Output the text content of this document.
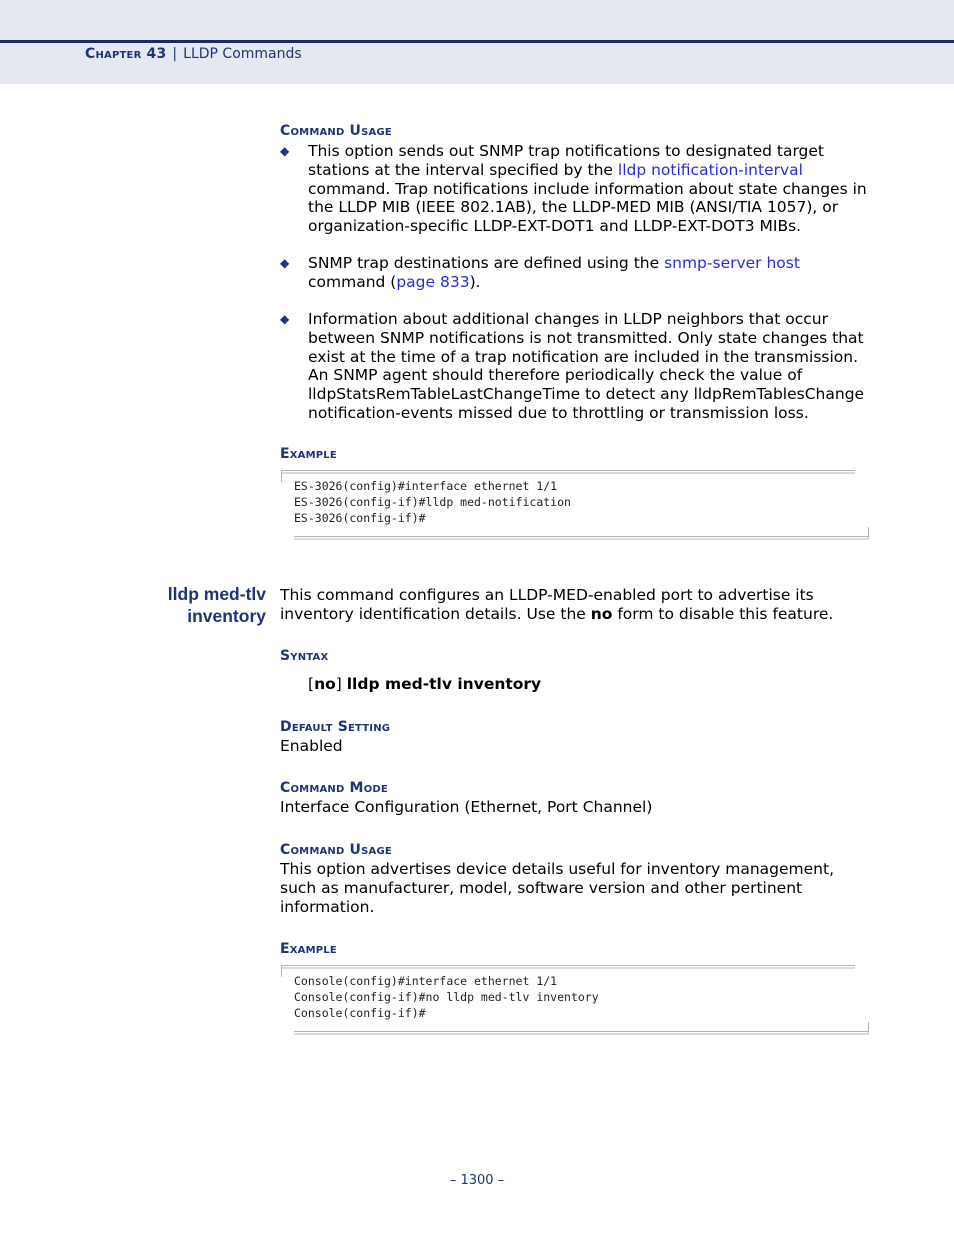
Chapter 43 | LLDP Commands
Command Usage
◆	This option sends out SNMP trap notifications to designated target stations at the interval specified by the lldp notification-interval command. Trap notifications include information about state changes in the LLDP MIB (IEEE 802.1AB), the LLDP-MED MIB (ANSI/TIA 1057), or organization-specific LLDP-EXT-DOT1 and LLDP-EXT-DOT3 MIBs.
◆	SNMP trap destinations are defined using the snmp-server host command (page 833).
◆	Information about additional changes in LLDP neighbors that occur between SNMP notifications is not transmitted. Only state changes that exist at the time of a trap notification are included in the transmission. An SNMP agent should therefore periodically check the value of lldpStatsRemTableLastChangeTime to detect any lldpRemTablesChange notification-events missed due to throttling or transmission loss.
Example
ES-3026(config)#interface ethernet 1/1
ES-3026(config-if)#lldp med-notification
ES-3026(config-if)#
lldp med-tlv
inventory
This command configures an LLDP-MED-enabled port to advertise its inventory identification details. Use the no form to disable this feature.
Syntax
[no] lldp med-tlv inventory
Default Setting
Enabled
Command Mode
Interface Configuration (Ethernet, Port Channel)
Command Usage
This option advertises device details useful for inventory management, such as manufacturer, model, software version and other pertinent information.
Example
Console(config)#interface ethernet 1/1
Console(config-if)#no lldp med-tlv inventory
Console(config-if)#
– 1300 –
